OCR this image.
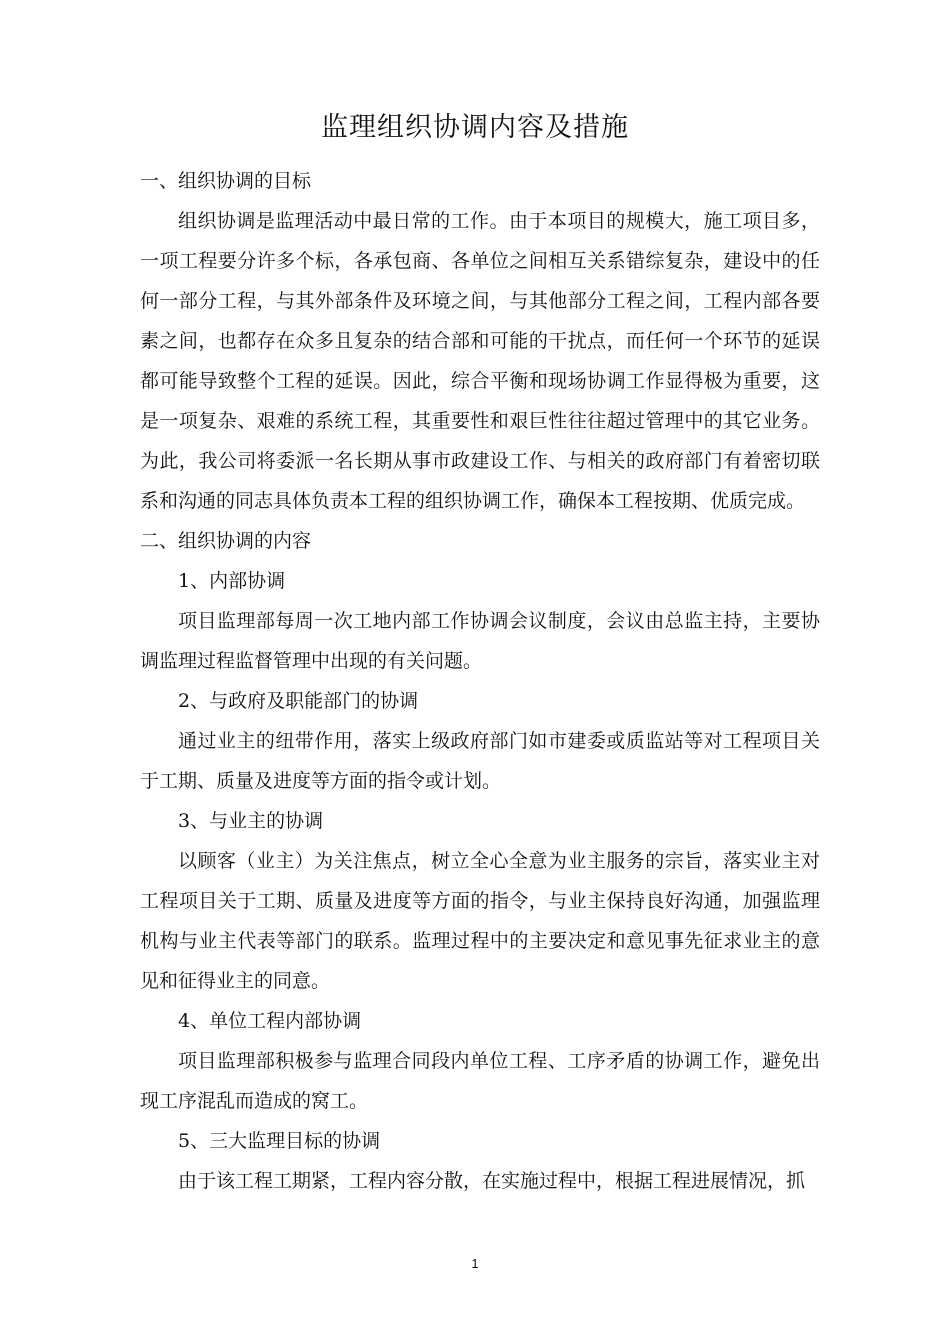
监理组织协调内容及措施

一、组织协调的目标

组织协调是监理活动中最日常的工作。由于本项目的规模大，施工项目多，一项工程要分许多个标，各承包商、各单位之间相互关系错综复杂，建设中的任何一部分工程，与其外部条件及环境之间，与其他部分工程之间，工程内部各要素之间，也都存在众多且复杂的结合部和可能的干扰点，而任何一个环节的延误都可能导致整个工程的延误。因此，综合平衡和现场协调工作显得极为重要，这是一项复杂、艰难的系统工程，其重要性和艰巨性往往超过管理中的其它业务。为此，我公司将委派一名长期从事市政建设工作、与相关的政府部门有着密切联系和沟通的同志具体负责本工程的组织协调工作，确保本工程按期、优质完成。

二、组织协调的内容

1、内部协调

项目监理部每周一次工地内部工作协调会议制度，会议由总监主持，主要协调监理过程监督管理中出现的有关问题。

2、与政府及职能部门的协调

通过业主的纽带作用，落实上级政府部门如市建委或质监站等对工程项目关于工期、质量及进度等方面的指令或计划。

3、与业主的协调

以顾客（业主）为关注焦点，树立全心全意为业主服务的宗旨，落实业主对工程项目关于工期、质量及进度等方面的指令，与业主保持良好沟通，加强监理机构与业主代表等部门的联系。监理过程中的主要决定和意见事先征求业主的意见和征得业主的同意。

4、单位工程内部协调

项目监理部积极参与监理合同段内单位工程、工序矛盾的协调工作，避免出现工序混乱而造成的窝工。

5、三大监理目标的协调

由于该工程工期紧，工程内容分散，在实施过程中，根据工程进展情况，抓

1
